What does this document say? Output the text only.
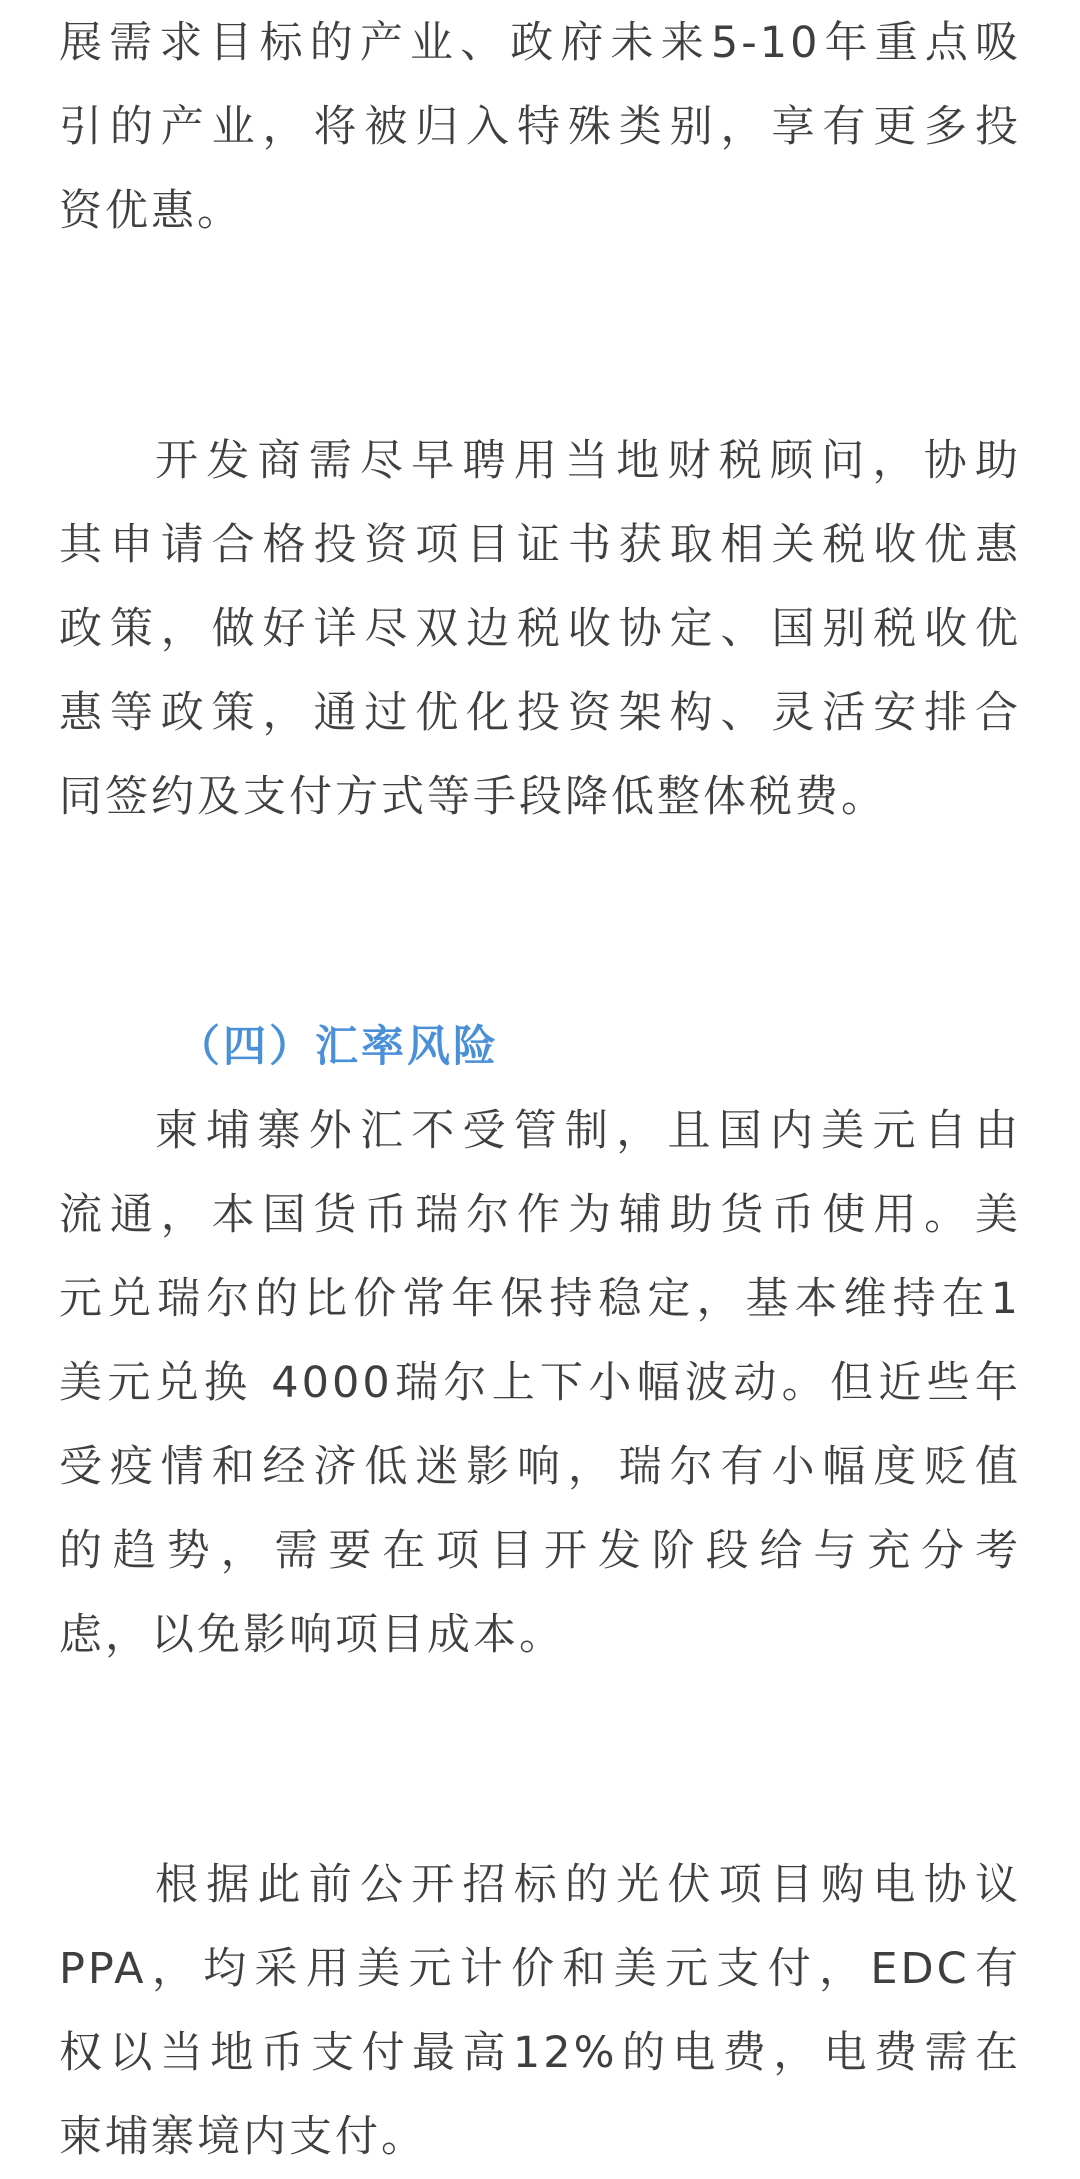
展需求目标的产业、政府未来5-10年重点吸
引的产业，将被归入特殊类别，享有更多投
资优惠。
开发商需尽早聘用当地财税顾问，协助
其申请合格投资项目证书获取相关税收优惠
政策，做好详尽双边税收协定、国别税收优
惠等政策，通过优化投资架构、灵活安排合
同签约及支付方式等手段降低整体税费。
（四）汇率风险
柬埔寨外汇不受管制，且国内美元自由
流通，本国货币瑞尔作为辅助货币使用。美
元兑瑞尔的比价常年保持稳定，基本维持在1
美元兑换 4000瑞尔上下小幅波动。但近些年
受疫情和经济低迷影响，瑞尔有小幅度贬值
的趋势，需要在项目开发阶段给与充分考
虑，以免影响项目成本。
根据此前公开招标的光伏项目购电协议
PPA，均采用美元计价和美元支付，EDC有
权以当地币支付最高12%的电费，电费需在
柬埔寨境内支付。
